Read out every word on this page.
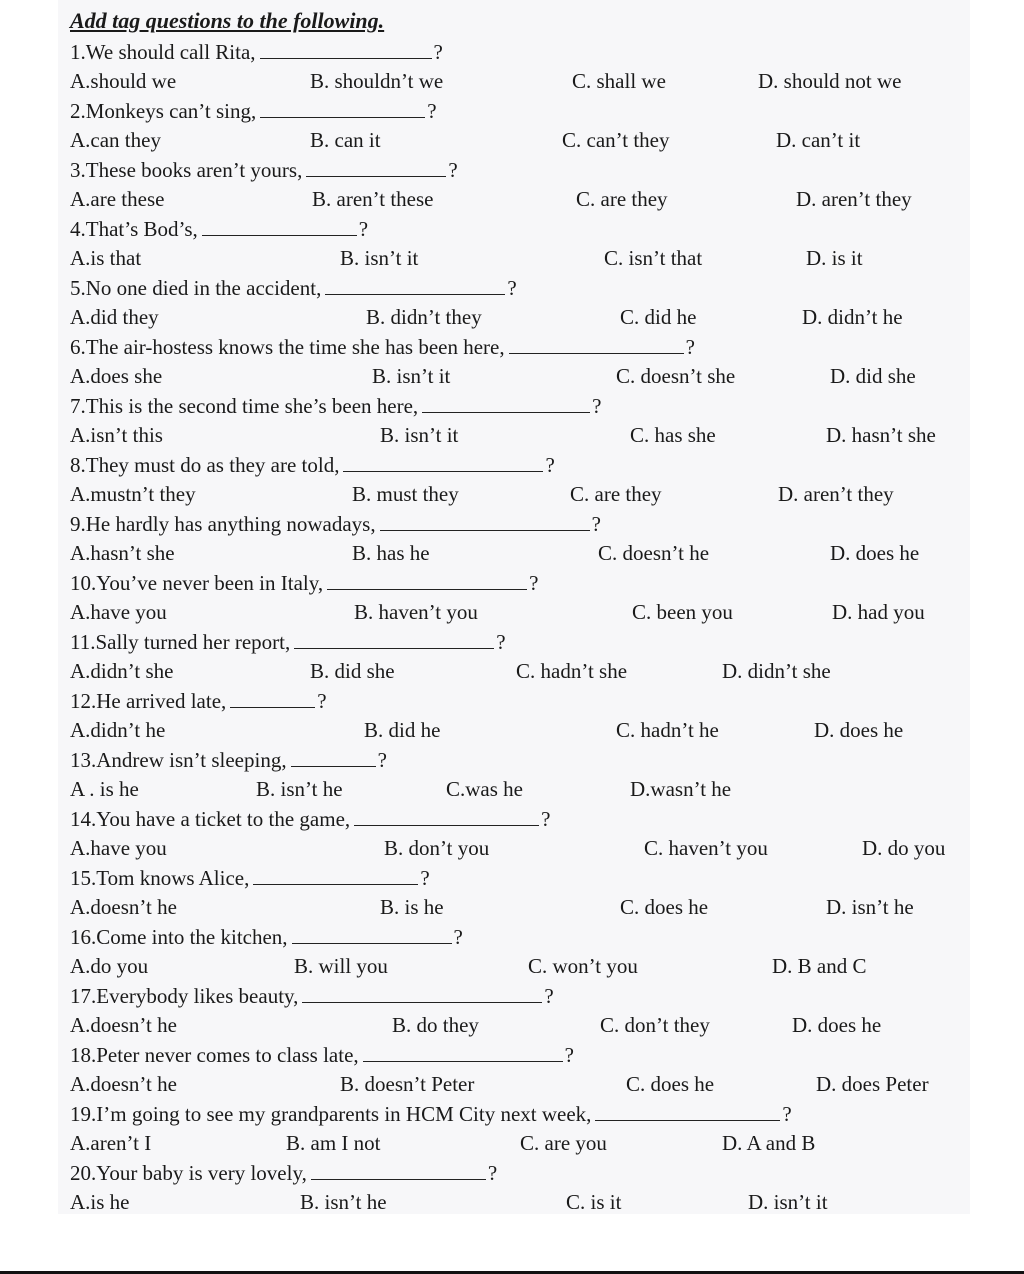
Add tag questions to the following.
1.We should call Rita,	?
A.should we	B. shouldn’t we	C. shall we	D. should not we
2.Monkeys can’t sing,	?
A.can they	B. can it	C. can’t they	D. can’t it
3.These books aren’t yours,	?
A.are these	B. aren’t these	C. are they	D. aren’t they
4.That’s Bod’s,	?
A.is that	B. isn’t it	C. isn’t that	D. is it
5.No one died in the accident,	?
A.did they	B. didn’t they	C. did he	D. didn’t he
6.The air-hostess knows the time she has been here,	?
A.does she	B. isn’t it	C. doesn’t she	D. did she
7.This is the second time she’s been here,	?
A.isn’t this	B. isn’t it	C. has she	D. hasn’t she
8.They must do as they are told,	?
A.mustn’t they	B. must they	C. are they	D. aren’t they
9.He hardly has anything nowadays,	?
A.hasn’t she	B. has he	C. doesn’t he	D. does he
10.You’ve never been in Italy,	?
A.have you	B. haven’t you	C. been you	D. had you
11.Sally turned her report,	?
A.didn’t she	B. did she	C. hadn’t she	D. didn’t she
12.He arrived late,	?
A.didn’t he	B. did he	C. hadn’t he	D. does he
13.Andrew isn’t sleeping,	?
A . is he	B. isn’t he	C.was he	D.wasn’t he
14.You have a ticket to the game,	?
A.have you	B. don’t you	C. haven’t you	D. do you
15.Tom knows Alice,	?
A.doesn’t he	B. is he	C. does he	D. isn’t he
16.Come into the kitchen,	?
A.do you	B. will you	C. won’t you	D. B and C
17.Everybody likes beauty,	?
A.doesn’t he	B. do they	C. don’t they	D. does he
18.Peter never comes to class late,	?
A.doesn’t he	B. doesn’t Peter	C. does he	D. does Peter
19.I’m going to see my grandparents in HCM City next week,	?
A.aren’t I	B. am I not	C. are you	D. A and B
20.Your baby is very lovely,	?
A.is he	B. isn’t he	C. is it	D. isn’t it
